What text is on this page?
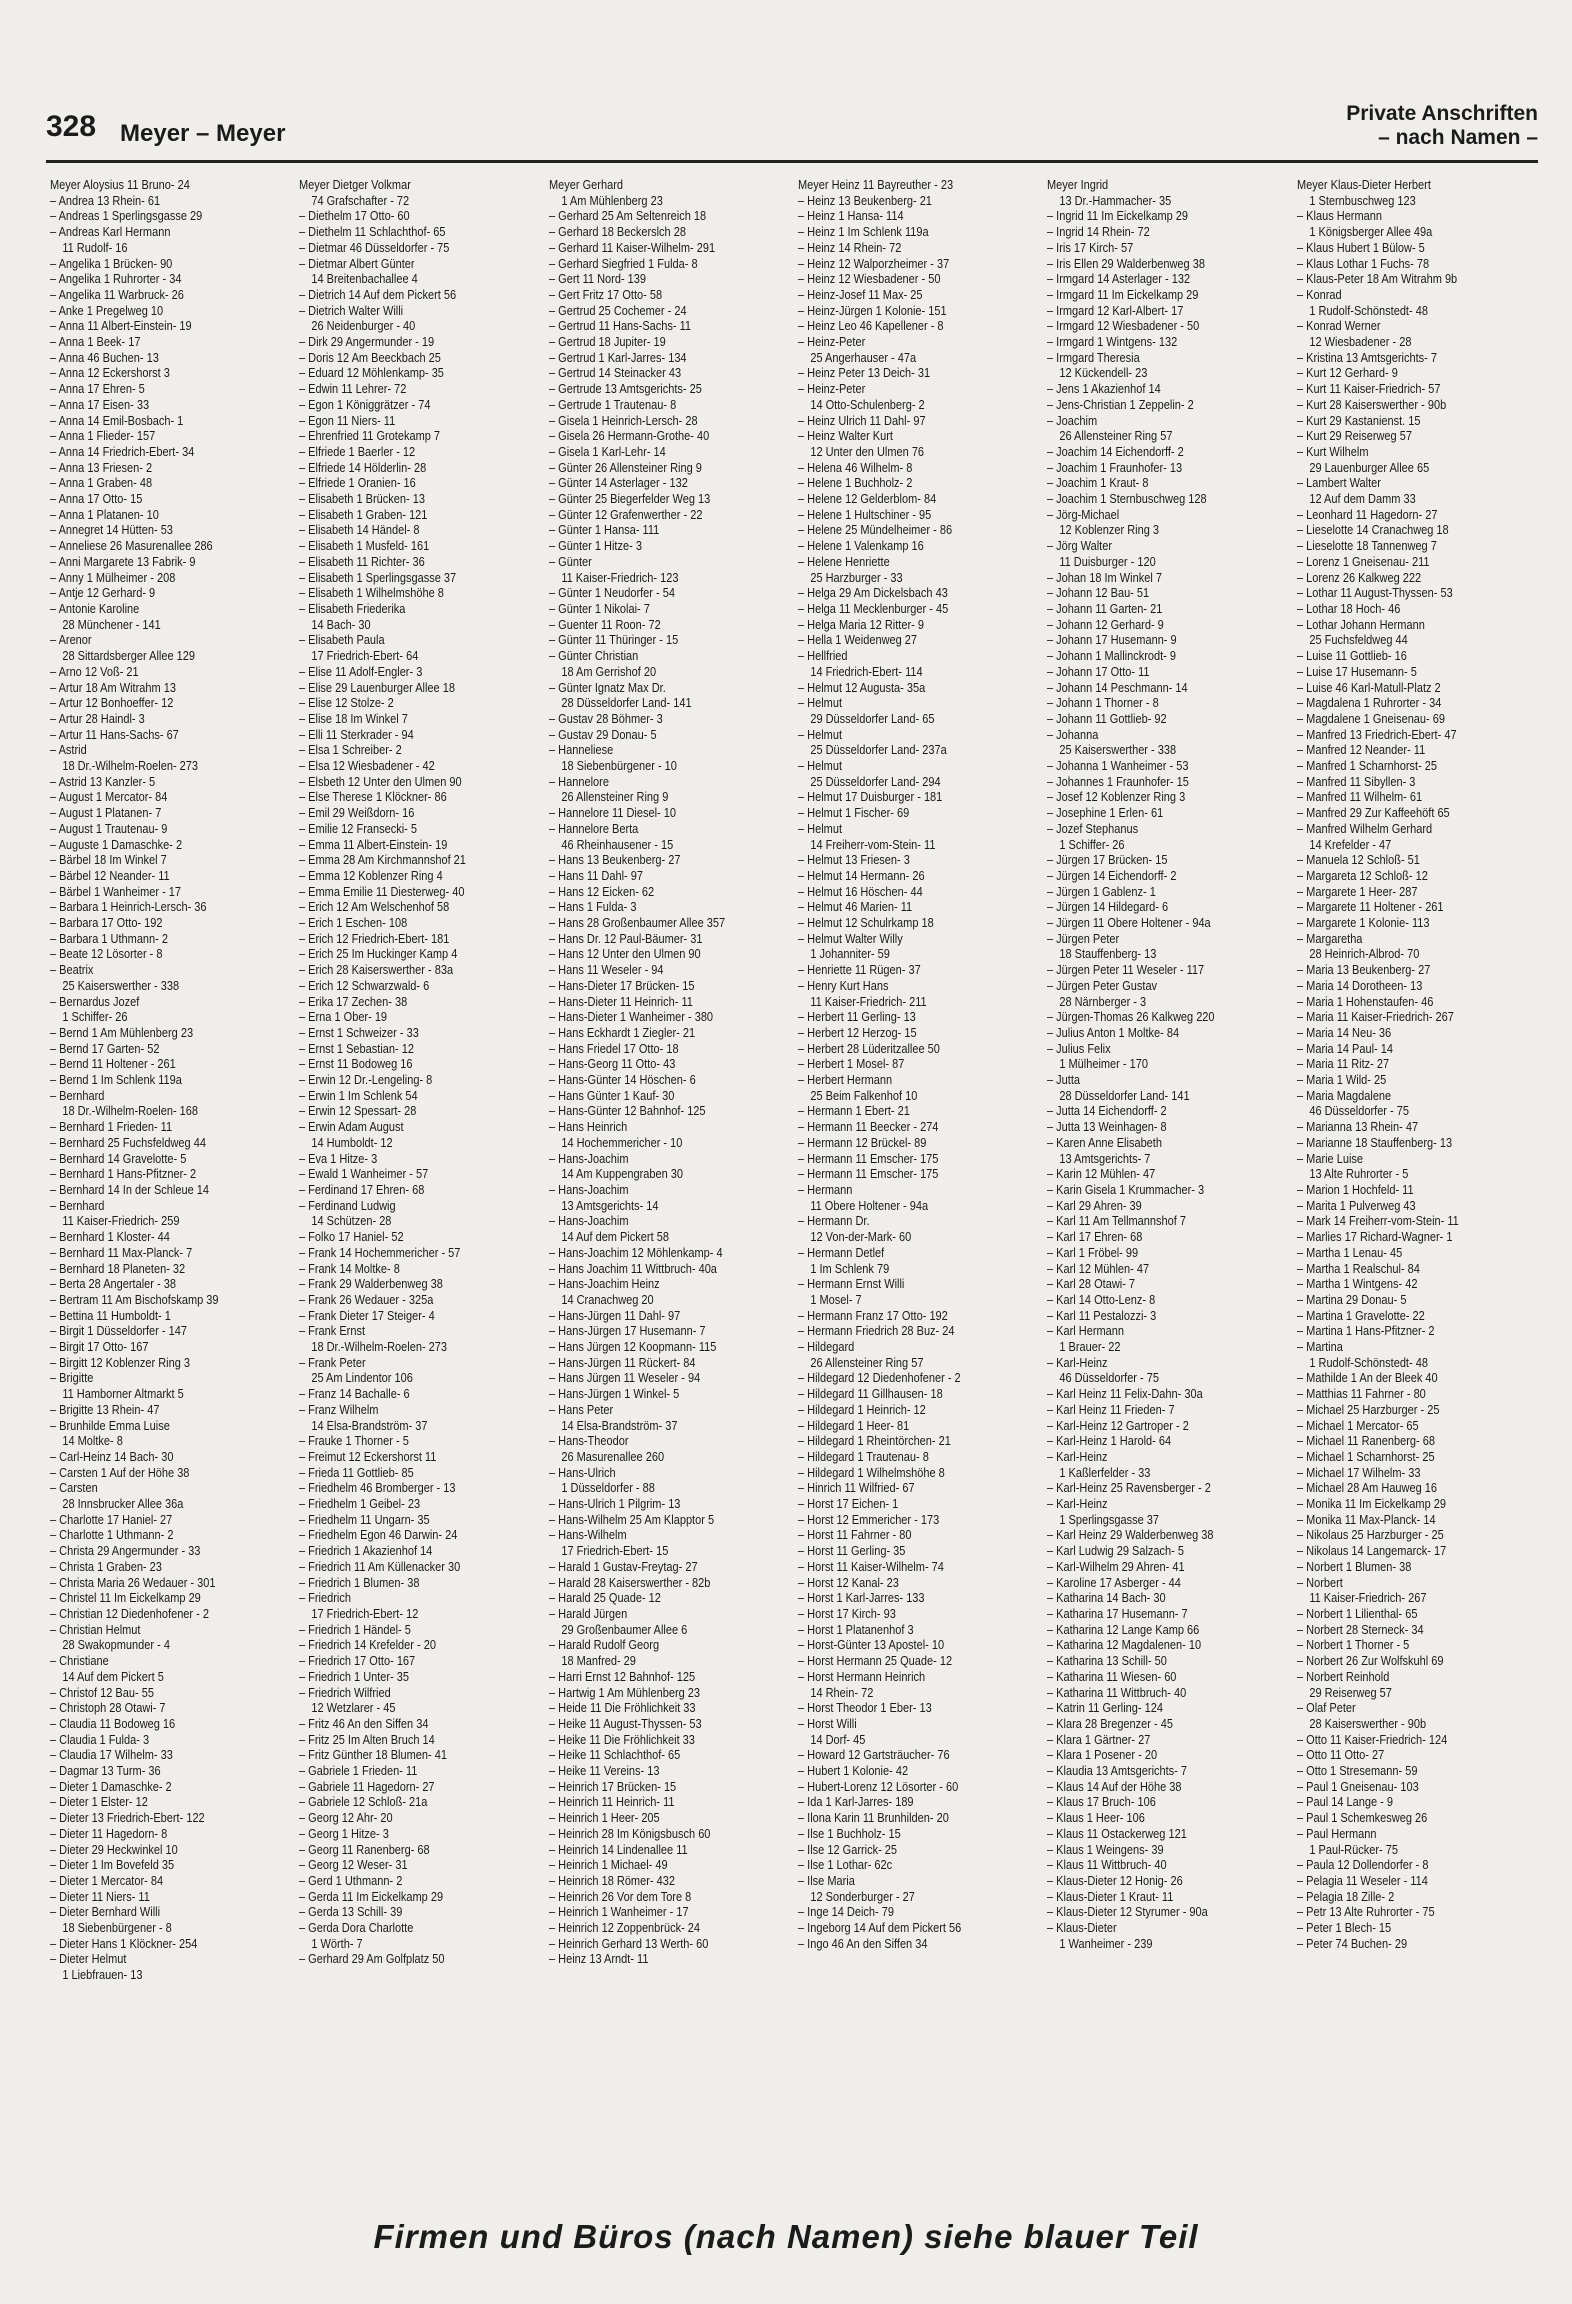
328 Meyer – Meyer
Private Anschriften
– nach Namen –
Meyer Aloysius 11 Bruno- 24
– Andrea 13 Rhein- 61
– Andreas 1 Sperlingsgasse 29
– Andreas Karl Hermann
11 Rudolf- 16
– Angelika 1 Brücken- 90
– Angelika 1 Ruhrorter - 34
– Angelika 11 Warbruck- 26
– Anke 1 Pregelweg 10
– Anna 11 Albert-Einstein- 19
– Anna 1 Beek- 17
– Anna 46 Buchen- 13
– Anna 12 Eckershorst 3
– Anna 17 Ehren- 5
– Anna 17 Eisen- 33
– Anna 14 Emil-Bosbach- 1
– Anna 1 Flieder- 157
– Anna 14 Friedrich-Ebert- 34
– Anna 13 Friesen- 2
– Anna 1 Graben- 48
– Anna 17 Otto- 15
– Anna 1 Platanen- 10
– Annegret 14 Hütten- 53
– Anneliese 26 Masurenallee 286
– Anni Margarete 13 Fabrik- 9
– Anny 1 Mülheimer - 208
– Antje 12 Gerhard- 9
– Antonie Karoline
28 Münchener - 141
– Arenor
28 Sittardsberger Allee 129
– Arno 12 Voß- 21
– Artur 18 Am Witrahm 13
– Artur 12 Bonhoeffer- 12
– Artur 28 Haindl- 3
– Artur 11 Hans-Sachs- 67
– Astrid
18 Dr.-Wilhelm-Roelen- 273
– Astrid 13 Kanzler- 5
– August 1 Mercator- 84
– August 1 Platanen- 7
– August 1 Trautenau- 9
– Auguste 1 Damaschke- 2
– Bärbel 18 Im Winkel 7
– Bärbel 12 Neander- 11
– Bärbel 1 Wanheimer - 17
– Barbara 1 Heinrich-Lersch- 36
– Barbara 17 Otto- 192
– Barbara 1 Uthmann- 2
– Beate 12 Lösorter - 8
– Beatrix
25 Kaiserswerther - 338
– Bernardus Jozef
1 Schiffer- 26
– Bernd 1 Am Mühlenberg 23
– Bernd 17 Garten- 52
– Bernd 11 Holtener - 261
– Bernd 1 Im Schlenk 119a
– Bernhard
18 Dr.-Wilhelm-Roelen- 168
– Bernhard 1 Frieden- 11
– Bernhard 25 Fuchsfeldweg 44
– Bernhard 14 Gravelotte- 5
– Bernhard 1 Hans-Pfitzner- 2
– Bernhard 14 In der Schleue 14
– Bernhard
11 Kaiser-Friedrich- 259
– Bernhard 1 Kloster- 44
– Bernhard 11 Max-Planck- 7
– Bernhard 18 Planeten- 32
– Berta 28 Angertaler - 38
– Bertram 11 Am Bischofskamp 39
– Bettina 11 Humboldt- 1
– Birgit 1 Düsseldorfer - 147
– Birgit 17 Otto- 167
– Birgitt 12 Koblenzer Ring 3
– Brigitte
11 Hamborner Altmarkt 5
– Brigitte 13 Rhein- 47
– Brunhilde Emma Luise
14 Moltke- 8
– Carl-Heinz 14 Bach- 30
– Carsten 1 Auf der Höhe 38
– Carsten
28 Innsbrucker Allee 36a
– Charlotte 17 Haniel- 27
– Charlotte 1 Uthmann- 2
– Christa 29 Angermunder - 33
– Christa 1 Graben- 23
– Christa Maria 26 Wedauer - 301
– Christel 11 Im Eickelkamp 29
– Christian 12 Diedenhofener - 2
– Christian Helmut
28 Swakopmunder - 4
– Christiane
14 Auf dem Pickert 5
– Christof 12 Bau- 55
– Christoph 28 Otawi- 7
– Claudia 11 Bodoweg 16
– Claudia 1 Fulda- 3
– Claudia 17 Wilhelm- 33
– Dagmar 13 Turm- 36
– Dieter 1 Damaschke- 2
– Dieter 1 Elster- 12
– Dieter 13 Friedrich-Ebert- 122
– Dieter 11 Hagedorn- 8
– Dieter 29 Heckwinkel 10
– Dieter 1 Im Bovefeld 35
– Dieter 1 Mercator- 84
– Dieter 11 Niers- 11
– Dieter Bernhard Willi
18 Siebenbürgener - 8
– Dieter Hans 1 Klöckner- 254
– Dieter Helmut
1 Liebfrauen- 13
Meyer Dietger Volkmar
74 Grafschafter - 72
– Diethelm 17 Otto- 60
– Diethelm 11 Schlachthof- 65
– Dietmar 46 Düsseldorfer - 75
– Dietmar Albert Günter
14 Breitenbachallee 4
– Dietrich 14 Auf dem Pickert 56
– Dietrich Walter Willi
26 Neidenburger - 40
– Dirk 29 Angermunder - 19
– Doris 12 Am Beeckbach 25
– Eduard 12 Möhlenkamp- 35
– Edwin 11 Lehrer- 72
– Egon 1 Königgrätzer - 74
– Egon 11 Niers- 11
– Ehrenfried 11 Grotekamp 7
– Elfriede 1 Baerler - 12
– Elfriede 14 Hölderlin- 28
– Elfriede 1 Oranien- 16
– Elisabeth 1 Brücken- 13
– Elisabeth 1 Graben- 121
– Elisabeth 14 Händel- 8
– Elisabeth 1 Musfeld- 161
– Elisabeth 11 Richter- 36
– Elisabeth 1 Sperlingsgasse 37
– Elisabeth 1 Wilhelmshöhe 8
– Elisabeth Friederika
14 Bach- 30
– Elisabeth Paula
17 Friedrich-Ebert- 64
– Elise 11 Adolf-Engler- 3
– Elise 29 Lauenburger Allee 18
– Elise 12 Stolze- 2
– Elise 18 Im Winkel 7
– Elli 11 Sterkrader - 94
– Elsa 1 Schreiber- 2
– Elsa 12 Wiesbadener - 42
– Elsbeth 12 Unter den Ulmen 90
– Else Therese 1 Klöckner- 86
– Emil 29 Weißdorn- 16
– Emilie 12 Fransecki- 5
– Emma 11 Albert-Einstein- 19
– Emma 28 Am Kirchmannshof 21
– Emma 12 Koblenzer Ring 4
– Emma Emilie 11 Diesterweg- 40
– Erich 12 Am Welschenhof 58
– Erich 1 Eschen- 108
– Erich 12 Friedrich-Ebert- 181
– Erich 25 Im Huckinger Kamp 4
– Erich 28 Kaiserswerther - 83a
– Erich 12 Schwarzwald- 6
– Erika 17 Zechen- 38
– Erna 1 Ober- 19
– Ernst 1 Schweizer - 33
– Ernst 1 Sebastian- 12
– Ernst 11 Bodoweg 16
– Erwin 12 Dr.-Lengeling- 8
– Erwin 1 Im Schlenk 54
– Erwin 12 Spessart- 28
– Erwin Adam August
14 Humboldt- 12
– Eva 1 Hitze- 3
– Ewald 1 Wanheimer - 57
– Ferdinand 17 Ehren- 68
– Ferdinand Ludwig
14 Schützen- 28
– Folko 17 Haniel- 52
– Frank 14 Hochemmericher - 57
– Frank 14 Moltke- 8
– Frank 29 Walderbenweg 38
– Frank 26 Wedauer - 325a
– Frank Dieter 17 Steiger- 4
– Frank Ernst
18 Dr.-Wilhelm-Roelen- 273
– Frank Peter
25 Am Lindentor 106
– Franz 14 Bachalle- 6
– Franz Wilhelm
14 Elsa-Brandström- 37
– Frauke 1 Thorner - 5
– Freimut 12 Eckershorst 11
– Frieda 11 Gottlieb- 85
– Friedhelm 46 Bromberger - 13
– Friedhelm 1 Geibel- 23
– Friedhelm 11 Ungarn- 35
– Friedhelm Egon 46 Darwin- 24
– Friedrich 1 Akazienhof 14
– Friedrich 11 Am Küllenacker 30
– Friedrich 1 Blumen- 38
– Friedrich
17 Friedrich-Ebert- 12
– Friedrich 1 Händel- 5
– Friedrich 14 Krefelder - 20
– Friedrich 17 Otto- 167
– Friedrich 1 Unter- 35
– Friedrich Wilfried
12 Wetzlarer - 45
– Fritz 46 An den Siffen 34
– Fritz 25 Im Alten Bruch 14
– Fritz Günther 18 Blumen- 41
– Gabriele 1 Frieden- 11
– Gabriele 11 Hagedorn- 27
– Gabriele 12 Schloß- 21a
– Georg 12 Ahr- 20
– Georg 1 Hitze- 3
– Georg 11 Ranenberg- 68
– Georg 12 Weser- 31
– Gerd 1 Uthmann- 2
– Gerda 11 Im Eickelkamp 29
– Gerda 13 Schill- 39
– Gerda Dora Charlotte
1 Wörth- 7
– Gerhard 29 Am Golfplatz 50
Meyer Gerhard
1 Am Mühlenberg 23
– Gerhard 25 Am Seltenreich 18
– Gerhard 18 Beckerslch 28
– Gerhard 11 Kaiser-Wilhelm- 291
– Gerhard Siegfried 1 Fulda- 8
– Gert 11 Nord- 139
– Gert Fritz 17 Otto- 58
– Gertrud 25 Cochemer - 24
– Gertrud 11 Hans-Sachs- 11
– Gertrud 18 Jupiter- 19
– Gertrud 1 Karl-Jarres- 134
– Gertrud 14 Steinacker 43
– Gertrude 13 Amtsgerichts- 25
– Gertrude 1 Trautenau- 8
– Gisela 1 Heinrich-Lersch- 28
– Gisela 26 Hermann-Grothe- 40
– Gisela 1 Karl-Lehr- 14
– Günter 26 Allensteiner Ring 9
– Günter 14 Asterlager - 132
– Günter 25 Biegerfelder Weg 13
– Günter 12 Grafenwerther - 22
– Günter 1 Hansa- 111
– Günter 1 Hitze- 3
– Günter
11 Kaiser-Friedrich- 123
– Günter 1 Neudorfer - 54
– Günter 1 Nikolai- 7
– Guenter 11 Roon- 72
– Günter 11 Thüringer - 15
– Günter Christian
18 Am Gerrishof 20
– Günter Ignatz Max Dr.
28 Düsseldorfer Land- 141
– Gustav 28 Böhmer- 3
– Gustav 29 Donau- 5
– Hanneliese
18 Siebenbürgener - 10
– Hannelore
26 Allensteiner Ring 9
– Hannelore 11 Diesel- 10
– Hannelore Berta
46 Rheinhausener - 15
– Hans 13 Beukenberg- 27
– Hans 11 Dahl- 97
– Hans 12 Eicken- 62
– Hans 1 Fulda- 3
– Hans 28 Großenbaumer Allee 357
– Hans Dr. 12 Paul-Bäumer- 31
– Hans 12 Unter den Ulmen 90
– Hans 11 Weseler - 94
– Hans-Dieter 17 Brücken- 15
– Hans-Dieter 11 Heinrich- 11
– Hans-Dieter 1 Wanheimer - 380
– Hans Eckhardt 1 Ziegler- 21
– Hans Friedel 17 Otto- 18
– Hans-Georg 11 Otto- 43
– Hans-Günter 14 Höschen- 6
– Hans Günter 1 Kauf- 30
– Hans-Günter 12 Bahnhof- 125
– Hans Heinrich
14 Hochemmericher - 10
– Hans-Joachim
14 Am Kuppengraben 30
– Hans-Joachim
13 Amtsgerichts- 14
– Hans-Joachim
14 Auf dem Pickert 58
– Hans-Joachim 12 Möhlenkamp- 4
– Hans Joachim 11 Wittbruch- 40a
– Hans-Joachim Heinz
14 Cranachweg 20
– Hans-Jürgen 11 Dahl- 97
– Hans-Jürgen 17 Husemann- 7
– Hans Jürgen 12 Koopmann- 115
– Hans-Jürgen 11 Rückert- 84
– Hans Jürgen 11 Weseler - 94
– Hans-Jürgen 1 Winkel- 5
– Hans Peter
14 Elsa-Brandström- 37
– Hans-Theodor
26 Masurenallee 260
– Hans-Ulrich
1 Düsseldorfer - 88
– Hans-Ulrich 1 Pilgrim- 13
– Hans-Wilhelm 25 Am Klapptor 5
– Hans-Wilhelm
17 Friedrich-Ebert- 15
– Harald 1 Gustav-Freytag- 27
– Harald 28 Kaiserswerther - 82b
– Harald 25 Quade- 12
– Harald Jürgen
29 Großenbaumer Allee 6
– Harald Rudolf Georg
18 Manfred- 29
– Harri Ernst 12 Bahnhof- 125
– Hartwig 1 Am Mühlenberg 23
– Heide 11 Die Fröhlichkeit 33
– Heike 11 August-Thyssen- 53
– Heike 11 Die Fröhlichkeit 33
– Heike 11 Schlachthof- 65
– Heike 11 Vereins- 13
– Heinrich 17 Brücken- 15
– Heinrich 11 Heinrich- 11
– Heinrich 1 Heer- 205
– Heinrich 28 Im Königsbusch 60
– Heinrich 14 Lindenallee 11
– Heinrich 1 Michael- 49
– Heinrich 18 Römer- 432
– Heinrich 26 Vor dem Tore 8
– Heinrich 1 Wanheimer - 17
– Heinrich 12 Zoppenbrück- 24
– Heinrich Gerhard 13 Werth- 60
– Heinz 13 Arndt- 11
Meyer Heinz 11 Bayreuther - 23
– Heinz 13 Beukenberg- 21
– Heinz 1 Hansa- 114
– Heinz 1 Im Schlenk 119a
– Heinz 14 Rhein- 72
– Heinz 12 Walporzheimer - 37
– Heinz 12 Wiesbadener - 50
– Heinz-Josef 11 Max- 25
– Heinz-Jürgen 1 Kolonie- 151
– Heinz Leo 46 Kapellener - 8
– Heinz-Peter
25 Angerhauser - 47a
– Heinz Peter 13 Deich- 31
– Heinz-Peter
14 Otto-Schulenberg- 2
– Heinz Ulrich 11 Dahl- 97
– Heinz Walter Kurt
12 Unter den Ulmen 76
– Helena 46 Wilhelm- 8
– Helene 1 Buchholz- 2
– Helene 12 Gelderblom- 84
– Helene 1 Hultschiner - 95
– Helene 25 Mündelheimer - 86
– Helene 1 Valenkamp 16
– Helene Henriette
25 Harzburger - 33
– Helga 29 Am Dickelsbach 43
– Helga 11 Mecklenburger - 45
– Helga Maria 12 Ritter- 9
– Hella 1 Weidenweg 27
– Hellfried
14 Friedrich-Ebert- 114
– Helmut 12 Augusta- 35a
– Helmut
29 Düsseldorfer Land- 65
– Helmut
25 Düsseldorfer Land- 237a
– Helmut
25 Düsseldorfer Land- 294
– Helmut 17 Duisburger - 181
– Helmut 1 Fischer- 69
– Helmut
14 Freiherr-vom-Stein- 11
– Helmut 13 Friesen- 3
– Helmut 14 Hermann- 26
– Helmut 16 Höschen- 44
– Helmut 46 Marien- 11
– Helmut 12 Schulrkamp 18
– Helmut Walter Willy
1 Johanniter- 59
– Henriette 11 Rügen- 37
– Henry Kurt Hans
11 Kaiser-Friedrich- 211
– Herbert 11 Gerling- 13
– Herbert 12 Herzog- 15
– Herbert 28 Lüderitzallee 50
– Herbert 1 Mosel- 87
– Herbert Hermann
25 Beim Falkenhof 10
– Hermann 1 Ebert- 21
– Hermann 11 Beecker - 274
– Hermann 12 Brückel- 89
– Hermann 11 Emscher- 175
– Hermann 11 Emscher- 175
– Hermann
11 Obere Holtener - 94a
– Hermann Dr.
12 Von-der-Mark- 60
– Hermann Detlef
1 Im Schlenk 79
– Hermann Ernst Willi
1 Mosel- 7
– Hermann Franz 17 Otto- 192
– Hermann Friedrich 28 Buz- 24
– Hildegard
26 Allensteiner Ring 57
– Hildegard 12 Diedenhofener - 2
– Hildegard 11 Gillhausen- 18
– Hildegard 1 Heinrich- 12
– Hildegard 1 Heer- 81
– Hildegard 1 Rheintörchen- 21
– Hildegard 1 Trautenau- 8
– Hildegard 1 Wilhelmshöhe 8
– Hinrich 11 Wilfried- 67
– Horst 17 Eichen- 1
– Horst 12 Emmericher - 173
– Horst 11 Fahrner - 80
– Horst 11 Gerling- 35
– Horst 11 Kaiser-Wilhelm- 74
– Horst 12 Kanal- 23
– Horst 1 Karl-Jarres- 133
– Horst 17 Kirch- 93
– Horst 1 Platanenhof 3
– Horst-Günter 13 Apostel- 10
– Horst Hermann 25 Quade- 12
– Horst Hermann Heinrich
14 Rhein- 72
– Horst Theodor 1 Eber- 13
– Horst Willi
14 Dorf- 45
– Howard 12 Gartsträucher- 76
– Hubert 1 Kolonie- 42
– Hubert-Lorenz 12 Lösorter - 60
– Ida 1 Karl-Jarres- 189
– Ilona Karin 11 Brunhilden- 20
– Ilse 1 Buchholz- 15
– Ilse 12 Garrick- 25
– Ilse 1 Lothar- 62c
– Ilse Maria
12 Sonderburger - 27
– Inge 14 Deich- 79
– Ingeborg 14 Auf dem Pickert 56
– Ingo 46 An den Siffen 34
Meyer Ingrid
13 Dr.-Hammacher- 35
– Ingrid 11 Im Eickelkamp 29
– Ingrid 14 Rhein- 72
– Iris 17 Kirch- 57
– Iris Ellen 29 Walderbenweg 38
– Irmgard 14 Asterlager - 132
– Irmgard 11 Im Eickelkamp 29
– Irmgard 12 Karl-Albert- 17
– Irmgard 12 Wiesbadener - 50
– Irmgard 1 Wintgens- 132
– Irmgard Theresia
12 Kückendell- 23
– Jens 1 Akazienhof 14
– Jens-Christian 1 Zeppelin- 2
– Joachim
26 Allensteiner Ring 57
– Joachim 14 Eichendorff- 2
– Joachim 1 Fraunhofer- 13
– Joachim 1 Kraut- 8
– Joachim 1 Sternbuschweg 128
– Jörg-Michael
12 Koblenzer Ring 3
– Jörg Walter
11 Duisburger - 120
– Johan 18 Im Winkel 7
– Johann 12 Bau- 51
– Johann 11 Garten- 21
– Johann 12 Gerhard- 9
– Johann 17 Husemann- 9
– Johann 1 Mallinckrodt- 9
– Johann 17 Otto- 11
– Johann 14 Peschmann- 14
– Johann 1 Thorner - 8
– Johann 11 Gottlieb- 92
– Johanna
25 Kaiserswerther - 338
– Johanna 1 Wanheimer - 53
– Johannes 1 Fraunhofer- 15
– Josef 12 Koblenzer Ring 3
– Josephine 1 Erlen- 61
– Jozef Stephanus
1 Schiffer- 26
– Jürgen 17 Brücken- 15
– Jürgen 14 Eichendorff- 2
– Jürgen 1 Gablenz- 1
– Jürgen 14 Hildegard- 6
– Jürgen 11 Obere Holtener - 94a
– Jürgen Peter
18 Stauffenberg- 13
– Jürgen Peter 11 Weseler - 117
– Jürgen Peter Gustav
28 Närnberger - 3
– Jürgen-Thomas 26 Kalkweg 220
– Julius Anton 1 Moltke- 84
– Julius Felix
1 Mülheimer - 170
– Jutta
28 Düsseldorfer Land- 141
– Jutta 14 Eichendorff- 2
– Jutta 13 Weinhagen- 8
– Karen Anne Elisabeth
13 Amtsgerichts- 7
– Karin 12 Mühlen- 47
– Karin Gisela 1 Krummacher- 3
– Karl 29 Ahren- 39
– Karl 11 Am Tellmannshof 7
– Karl 17 Ehren- 68
– Karl 1 Fröbel- 99
– Karl 12 Mühlen- 47
– Karl 28 Otawi- 7
– Karl 14 Otto-Lenz- 8
– Karl 11 Pestalozzi- 3
– Karl Hermann
1 Brauer- 22
– Karl-Heinz
46 Düsseldorfer - 75
– Karl Heinz 11 Felix-Dahn- 30a
– Karl Heinz 11 Frieden- 7
– Karl-Heinz 12 Gartroper - 2
– Karl-Heinz 1 Harold- 64
– Karl-Heinz
1 Kaßlerfelder - 33
– Karl-Heinz 25 Ravensberger - 2
– Karl-Heinz
1 Sperlingsgasse 37
– Karl Heinz 29 Walderbenweg 38
– Karl Ludwig 29 Salzach- 5
– Karl-Wilhelm 29 Ahren- 41
– Karoline 17 Asberger - 44
– Katharina 14 Bach- 30
– Katharina 17 Husemann- 7
– Katharina 12 Lange Kamp 66
– Katharina 12 Magdalenen- 10
– Katharina 13 Schill- 50
– Katharina 11 Wiesen- 60
– Katharina 11 Wittbruch- 40
– Katrin 11 Gerling- 124
– Klara 28 Bregenzer - 45
– Klara 1 Gärtner- 27
– Klara 1 Posener - 20
– Klaudia 13 Amtsgerichts- 7
– Klaus 14 Auf der Höhe 38
– Klaus 17 Bruch- 106
– Klaus 1 Heer- 106
– Klaus 11 Ostackerweg 121
– Klaus 1 Weingens- 39
– Klaus 11 Wittbruch- 40
– Klaus-Dieter 12 Honig- 26
– Klaus-Dieter 1 Kraut- 11
– Klaus-Dieter 12 Styrumer - 90a
– Klaus-Dieter
1 Wanheimer - 239
Meyer Klaus-Dieter Herbert
1 Sternbuschweg 123
– Klaus Hermann
1 Königsberger Allee 49a
– Klaus Hubert 1 Bülow- 5
– Klaus Lothar 1 Fuchs- 78
– Klaus-Peter 18 Am Witrahm 9b
– Konrad
1 Rudolf-Schönstedt- 48
– Konrad Werner
12 Wiesbadener - 28
– Kristina 13 Amtsgerichts- 7
– Kurt 12 Gerhard- 9
– Kurt 11 Kaiser-Friedrich- 57
– Kurt 28 Kaiserswerther - 90b
– Kurt 29 Kastanienst. 15
– Kurt 29 Reiserweg 57
– Kurt Wilhelm
29 Lauenburger Allee 65
– Lambert Walter
12 Auf dem Damm 33
– Leonhard 11 Hagedorn- 27
– Lieselotte 14 Cranachweg 18
– Lieselotte 18 Tannenweg 7
– Lorenz 1 Gneisenau- 211
– Lorenz 26 Kalkweg 222
– Lothar 11 August-Thyssen- 53
– Lothar 18 Hoch- 46
– Lothar Johann Hermann
25 Fuchsfeldweg 44
– Luise 11 Gottlieb- 16
– Luise 17 Husemann- 5
– Luise 46 Karl-Matull-Platz 2
– Magdalena 1 Ruhrorter - 34
– Magdalene 1 Gneisenau- 69
– Manfred 13 Friedrich-Ebert- 47
– Manfred 12 Neander- 11
– Manfred 1 Scharnhorst- 25
– Manfred 11 Sibyllen- 3
– Manfred 11 Wilhelm- 61
– Manfred 29 Zur Kaffeehöft 65
– Manfred Wilhelm Gerhard
14 Krefelder - 47
– Manuela 12 Schloß- 51
– Margareta 12 Schloß- 12
– Margarete 1 Heer- 287
– Margarete 11 Holtener - 261
– Margarete 1 Kolonie- 113
– Margaretha
28 Heinrich-Albrod- 70
– Maria 13 Beukenberg- 27
– Maria 14 Dorotheen- 13
– Maria 1 Hohenstaufen- 46
– Maria 11 Kaiser-Friedrich- 267
– Maria 14 Neu- 36
– Maria 14 Paul- 14
– Maria 11 Ritz- 27
– Maria 1 Wild- 25
– Maria Magdalene
46 Düsseldorfer - 75
– Marianna 13 Rhein- 47
– Marianne 18 Stauffenberg- 13
– Marie Luise
13 Alte Ruhrorter - 5
– Marion 1 Hochfeld- 11
– Marita 1 Pulverweg 43
– Mark 14 Freiherr-vom-Stein- 11
– Marlies 17 Richard-Wagner- 1
– Martha 1 Lenau- 45
– Martha 1 Realschul- 84
– Martha 1 Wintgens- 42
– Martina 29 Donau- 5
– Martina 1 Gravelotte- 22
– Martina 1 Hans-Pfitzner- 2
– Martina
1 Rudolf-Schönstedt- 48
– Mathilde 1 An der Bleek 40
– Matthias 11 Fahrner - 80
– Michael 25 Harzburger - 25
– Michael 1 Mercator- 65
– Michael 11 Ranenberg- 68
– Michael 1 Scharnhorst- 25
– Michael 17 Wilhelm- 33
– Michael 28 Am Hauweg 16
– Monika 11 Im Eickelkamp 29
– Monika 11 Max-Planck- 14
– Nikolaus 25 Harzburger - 25
– Nikolaus 14 Langemarck- 17
– Norbert 1 Blumen- 38
– Norbert
11 Kaiser-Friedrich- 267
– Norbert 1 Lilienthal- 65
– Norbert 28 Sterneck- 34
– Norbert 1 Thorner - 5
– Norbert 26 Zur Wolfskuhl 69
– Norbert Reinhold
29 Reiserweg 57
– Olaf Peter
28 Kaiserswerther - 90b
– Otto 11 Kaiser-Friedrich- 124
– Otto 11 Otto- 27
– Otto 1 Stresemann- 59
– Paul 1 Gneisenau- 103
– Paul 14 Lange - 9
– Paul 1 Schemkesweg 26
– Paul Hermann
1 Paul-Rücker- 75
– Paula 12 Dollendorfer - 8
– Pelagia 11 Weseler - 114
– Pelagia 18 Zille- 2
– Petr 13 Alte Ruhrorter - 75
– Peter 1 Blech- 15
– Peter 74 Buchen- 29
Firmen und Büros (nach Namen) siehe blauer Teil
